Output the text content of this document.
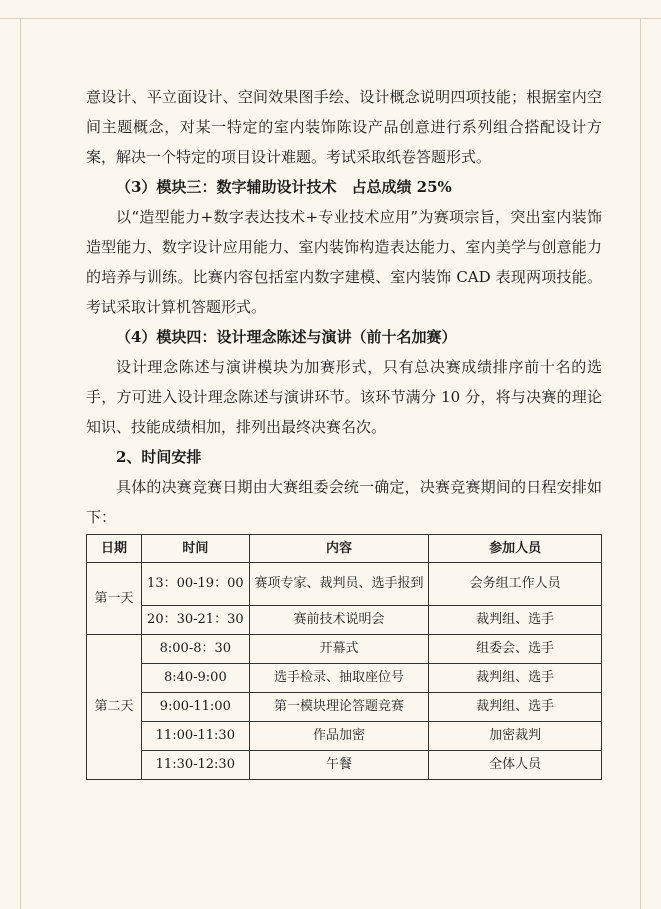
意设计、平立面设计、空间效果图手绘、设计概念说明四项技能；根据室内空间主题概念，对某一特定的室内装饰陈设产品创意进行系列组合搭配设计方案，解决一个特定的项目设计难题。考试采取纸卷答题形式。

（3）模块三：数字辅助设计技术　占总成绩 25%

以“造型能力+数字表达技术+专业技术应用”为赛项宗旨，突出室内装饰造型能力、数字设计应用能力、室内装饰构造表达能力、室内美学与创意能力的培养与训练。比赛内容包括室内数字建模、室内装饰 CAD 表现两项技能。考试采取计算机答题形式。

（4）模块四：设计理念陈述与演讲（前十名加赛）

设计理念陈述与演讲模块为加赛形式，只有总决赛成绩排序前十名的选手，方可进入设计理念陈述与演讲环节。该环节满分 10 分，将与决赛的理论知识、技能成绩相加，排列出最终决赛名次。

2、时间安排

具体的决赛竞赛日期由大赛组委会统一确定，决赛竞赛期间的日程安排如下：

日期	时间	内容	参加人员
第一天	13：00-19：00	赛项专家、裁判员、选手报到	会务组工作人员
	20：30-21：30	赛前技术说明会	裁判组、选手
第二天	8:00-8：30	开幕式	组委会、选手
	8:40-9:00	选手检录、抽取座位号	裁判组、选手
	9:00-11:00	第一模块理论答题竞赛	裁判组、选手
	11:00-11:30	作品加密	加密裁判
	11:30-12:30	午餐	全体人员
